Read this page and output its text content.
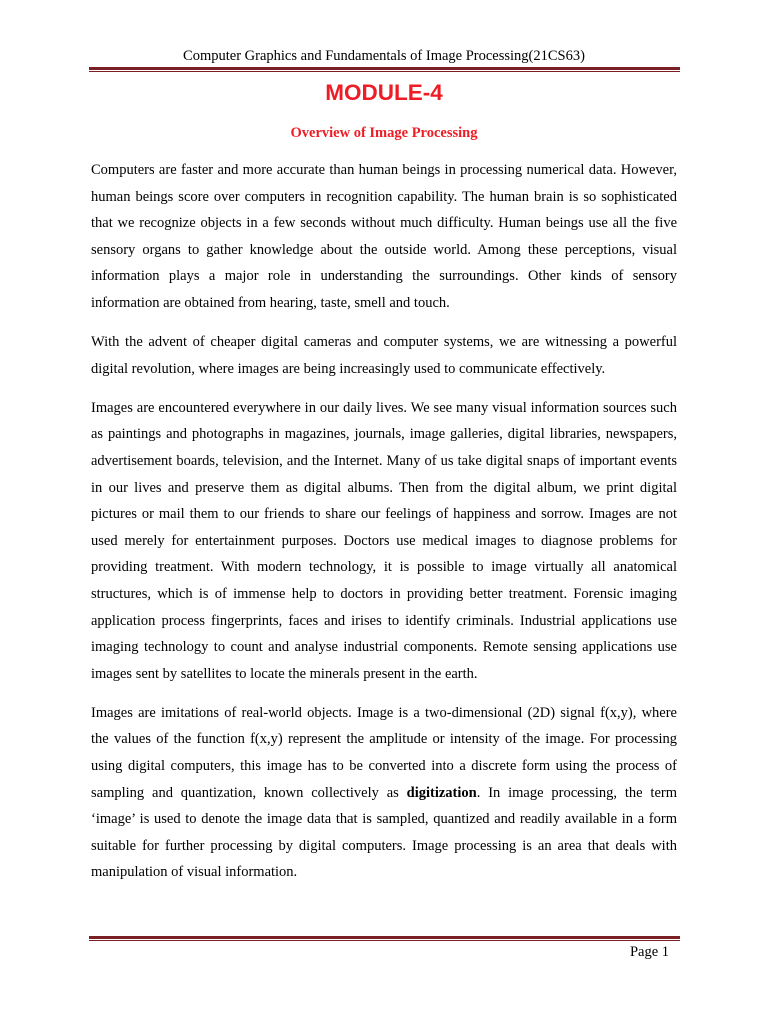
Computer Graphics and Fundamentals of Image Processing(21CS63)
MODULE-4
Overview of Image Processing

Computers are faster and more accurate than human beings in processing numerical data. However, human beings score over computers in recognition capability. The human brain is so sophisticated that we recognize objects in a few seconds without much difficulty. Human beings use all the five sensory organs to gather knowledge about the outside world. Among these perceptions, visual information plays a major role in understanding the surroundings. Other kinds of sensory information are obtained from hearing, taste, smell and touch.

With the advent of cheaper digital cameras and computer systems, we are witnessing a powerful digital revolution, where images are being increasingly used to communicate effectively.

Images are encountered everywhere in our daily lives. We see many visual information sources such as paintings and photographs in magazines, journals, image galleries, digital libraries, newspapers, advertisement boards, television, and the Internet. Many of us take digital snaps of important events in our lives and preserve them as digital albums. Then from the digital album, we print digital pictures or mail them to our friends to share our feelings of happiness and sorrow. Images are not used merely for entertainment purposes. Doctors use medical images to diagnose problems for providing treatment. With modern technology, it is possible to image virtually all anatomical structures, which is of immense help to doctors in providing better treatment. Forensic imaging application process fingerprints, faces and irises to identify criminals. Industrial applications use imaging technology to count and analyse industrial components. Remote sensing applications use images sent by satellites to locate the minerals present in the earth.

Images are imitations of real-world objects. Image is a two-dimensional (2D) signal f(x,y), where the values of the function f(x,y) represent the amplitude or intensity of the image. For processing using digital computers, this image has to be converted into a discrete form using the process of sampling and quantization, known collectively as digitization. In image processing, the term ‘image’ is used to denote the image data that is sampled, quantized and readily available in a form suitable for further processing by digital computers. Image processing is an area that deals with manipulation of visual information.

Page 1
